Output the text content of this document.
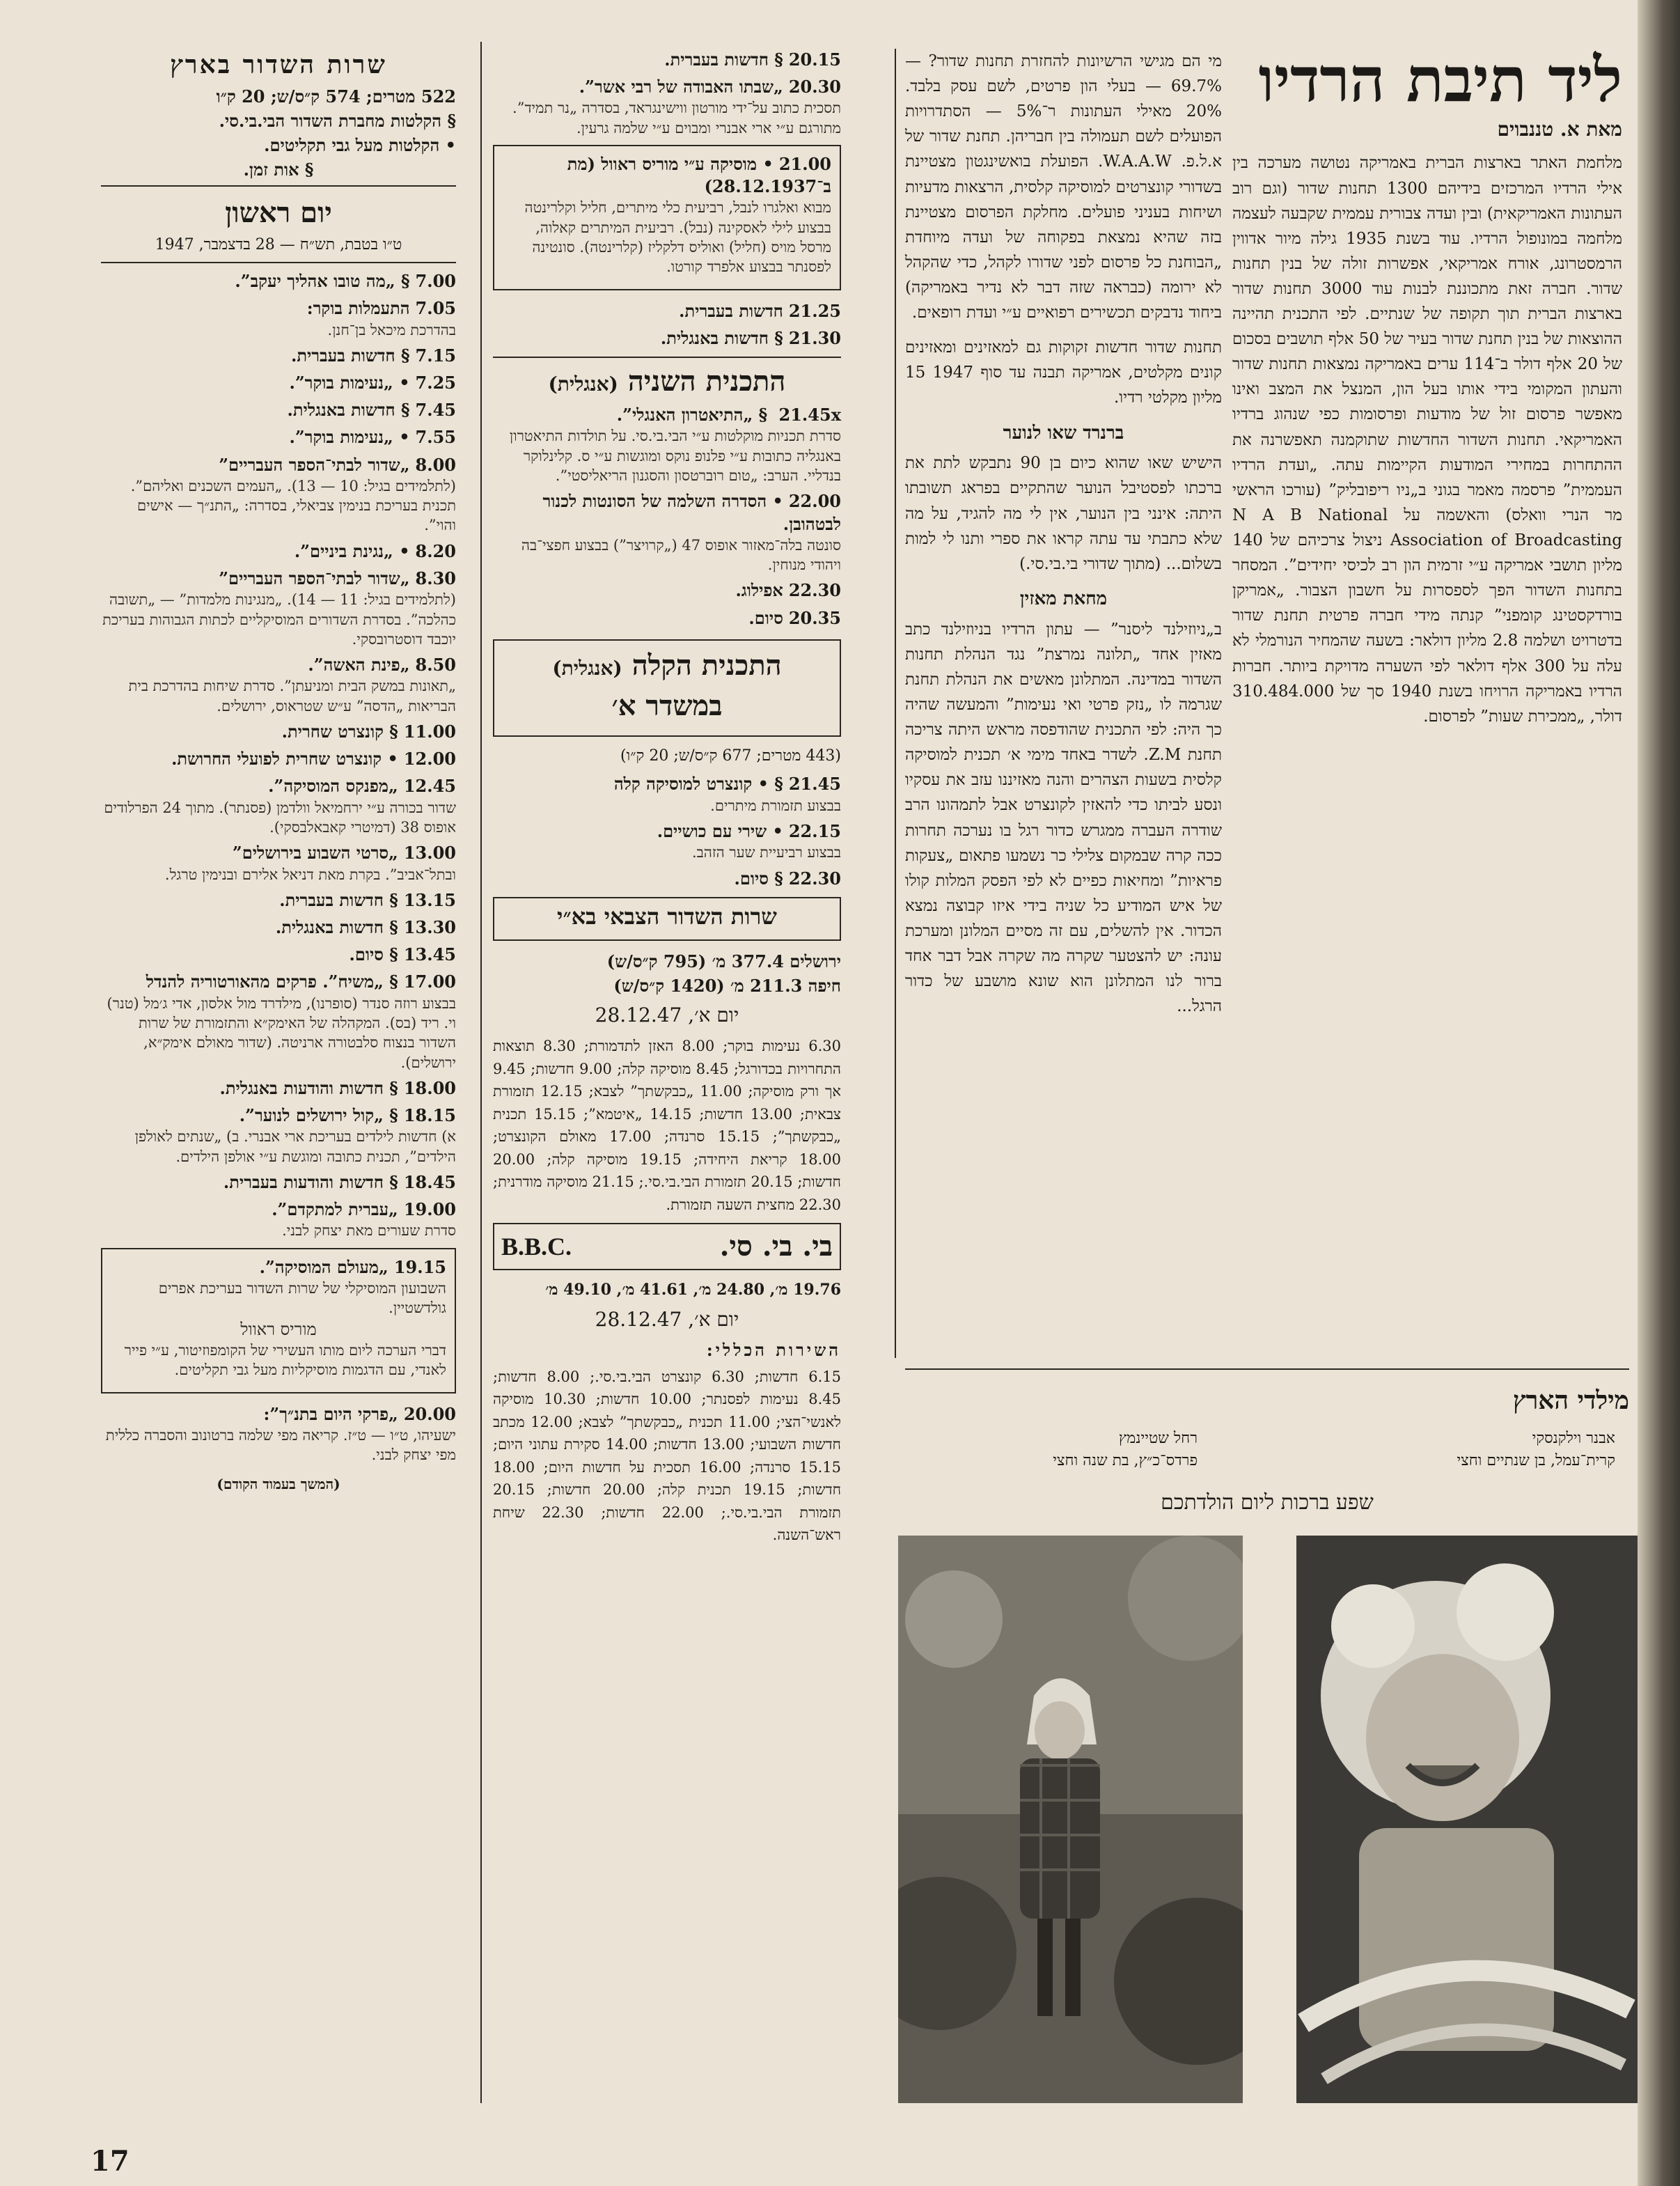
ליד תיבת הרדיו
מאת א. טננבוים

מלחמת האתר בארצות הברית באמריקה נטושה מערכה בין אילי הרדיו המרכזים בידיהם 1300 תחנות שדור (וגם רוב העתונות האמריקאית) ובין ועדה צבורית עממית שקבעה לעצמה מלחמה במונופול הרדיו. עוד בשנת 1935 גילה מיור אדווין הרמסטרונג, אורח אמריקאי, אפשרות זולה של בנין תחנות שדור. חברה זאת מתכוננת לבנות עוד 3000 תחנות שדור בארצות הברית תוך תקופה של שנתיים. לפי התכנית תהיינה ההוצאות של בנין תחנת שדור בעיר של 50 אלף תושבים בסכום של 20 אלף דולר ב־114 ערים באמריקה נמצאות תחנות שדור והעתון המקומי בידי אותו בעל הון, המנצל את המצב ואינו מאפשר פרסום זול של מודעות ופרסומות כפי שנהוג ברדיו האמריקאי. תחנות השדור החדשות שתוקמנה תאפשרנה את ההתחרות במחירי המודעות הקיימות עתה. „ועדת הרדיו העממית” פרסמה מאמר בגוני ב„ניו ריפובליק” (עורכו הראשי מר הנרי וואלס) והאשמה על N A B National Association of Broadcasting ניצול צרכיהם של 140 מליון תושבי אמריקה ע״י זרמית הון רב לכיסי יחידים”. המסחר בתחנות השדור הפך לספסרות על חשבון הצבור. „אמריקן בורדקסטינג קומפני” קנתה מידי חברה פרטית תחנת שדור בדטרויט ושלמה 2.8 מליון דולאר: בשעה שהמחיר הנורמלי לא עלה על 300 אלף דולאר לפי השערה מדויקת ביותר. חברות הרדיו באמריקה הרויחו בשנת 1940 סך של 310.484.000 דולר, „ממכירת שעות” לפרסום.

מי הם מגישי הרשיונות להחזרת תחנות שדור? — 69.7% — בעלי הון פרטים, לשם עסק בלבד. 20% מאילי העתונות ר־5% — הסתדרויות הפועלים לשם תעמולה בין חבריהן. תחנת שדור של א.ל.פ. W.A.A.W. הפועלת בואשינגטון מצטיינת בשדורי קונצרטים למוסיקה קלסית, הרצאות מדעיות ושיחות בעניני פועלים. מחלקת הפרסום מצטיינת בזה שהיא נמצאת בפקוחה של ועדה מיוחדת „הבוחנת כל פרסום לפני שדורו לקהל, כדי שהקהל לא ירומה (כבראה שזה דבר לא נדיר באמריקה) ביחוד נדבקים תכשירים רפואיים ע״י ועדת רופאים.

תחנות שדור חדשות זקוקות גם למאזינים ומאזינים קונים מקלטים, אמריקה תבנה עד סוף 1947 15 מליון מקלטי רדיו.

ברנרד שאו לנוער

הישיש שאו שהוא כיום בן 90 נתבקש לתת את ברכתו לפסטיבל הנוער שהתקיים בפראג תשובתו היתה: אינני בין הנוער, אין לי מה להגיד, על מה שלא כתבתי עד עתה קראו את ספרי ותנו לי למות בשלום... (מתוך שדורי בי.בי.סי.)

מחאת מאזין

ב„ניוזילנד ליסנר” — עתון הרדיו בניוזילנד כתב מאזין אחד „תלונה נמרצת” נגד הנהלת תחנות השדור במדינה. המתלונן מאשים את הנהלת תחנת שגרמה לו „נזק פרטי ואי נעימות” והמעשה שהיה כך היה: לפי התכנית שהודפסה מראש היתה צריכה תחנת Z.M. לשדר באחד מימי א׳ תכנית למוסיקה קלסית בשעות הצהרים והנה מאזיננו עזב את עסקיו ונסע לביתו כדי להאזין לקונצרט אבל לתמהונו הרב שודרה העברה ממגרש כדור רגל בו נערכה תחרות ככה קרה שבמקום צלילי כר נשמעו פתאום „צעקות פראיות” ומחיאות כפיים לא לפי הפסק המלות קולו של איש המודיע כל שניה בידי איזו קבוצה נמצא הכדור. אין להשלים, עם זה מסיים המלונן ומערכת עונה: יש להצטער שקרה מה שקרה אבל דבר אחד ברור לנו המתלונן הוא שונא מושבע של כדור הרגל...

מילדי הארץ
אבנר וילקנסקי
קרית־עמל, בן שנתיים וחצי
רחל שטיינמץ
פרדס־כ״ץ, בת שנה וחצי
שפע ברכות ליום הולדתכם
20.15§ חדשות בעברית.
20.30„שבתו האבודה של רבי אשר”.
תסכית כתוב על־ידי מורטון ווישינגראד, בסדרה „נר תמיד”. מתורגם ע״י ארי אבנרי ומבוים ע״י שלמה גרעין.
21.00• מוסיקה ע״י מוריס ראוול (מת ב־28.12.1937)
מבוא ואלגרו לנבל, רביעית כלי מיתרים, חליל וקלרינטה בבצוע לילי לאסקינה (נבל). רביעית המיתרים קאלוה, מרסל מויס (חליל) ואוליס דלקליז (קלרינטה). סונטינה לפסנתר בבצוע אלפרד קורטו.
21.25חדשות בעברית.
21.30§ חדשות באנגלית.
התכנית השניה (אנגלית)
21.45x § „התיאטרון האנגלי”.
סדרת תכניות מוקלטות ע״י הבי.בי.סי. על תולדות התיאטרון באנגליה כתובות ע״י פלנופ נוקס ומוגשות ע״י ס. קלינלוקר בנדליי. הערב: „טום רוברטסון והסגנון הריאליסטי”.
22.00• הסדרה השלמה של הסונטות לכנור לבטהובן.
סונטה בלה־מאזור אופוס 47 („קרויצר”) בבצוע חפצי־בה ויהודי מנוחין.
22.30אפילוג.
20.35סיום.
התכנית הקלה (אנגלית)
במשדר א׳
(443 מטרים; 677 ק״ס/ש; 20 ק״ו)
21.45§ • קונצרט למוסיקה קלה
בבצוע תזמורת מיתרים.
22.15• שירי עם כושיים.
בבצוע רביעיית שער הזהב.
22.30§ סיום.
שרות השדור הצבאי בא״י
ירושלים 377.4 מ׳ (795 ק״ס/ש)
חיפה 211.3 מ׳ (1420 ק״ס/ש)
יום א׳, 28.12.47
6.30 נעימות בוקר; 8.00 האזן לתדמורת; 8.30 תוצאות התחרויות בכדורגל; 8.45 מוסיקה קלה; 9.00 חדשות; 9.45 אך ורק מוסיקה; 11.00 „כבקשתך” לצבא; 12.15 תזמורת צבאית; 13.00 חדשות; 14.15 „איטמא”; 15.15 תכנית „כבקשתך”; 15.15 סרנדה; 17.00 מאולם הקונצרט; 18.00 קריאת היחידה; 19.15 מוסיקה קלה; 20.00 חדשות; 20.15 תזמורת הבי.בי.סי.; 21.15 מוסיקה מודרנית; 22.30 מחצית השעה תזמורת.
בי. בי. סי.
B.B.C.
19.76 מ׳, 24.80 מ׳, 41.61 מ׳, 49.10 מ׳
יום א׳, 28.12.47
השירות הכללי:
6.15 חדשות; 6.30 קונצרט הבי.בי.סי.; 8.00 חדשות; 8.45 נעימות לפסנתר; 10.00 חדשות; 10.30 מוסיקה לאנשי־הצי; 11.00 תכנית „כבקשתך” לצבא; 12.00 מכתב חדשות השבועי; 13.00 חדשות; 14.00 סקירת עתוני היום; 15.15 סרנדה; 16.00 תסכית על חדשות היום; 18.00 חדשות; 19.15 תכנית קלה; 20.00 חדשות; 20.15 תזמורת הבי.בי.סי.; 22.00 חדשות; 22.30 שיחת ראש־השנה.
שרות השדור בארץ
522 מטרים; 574 ק״ס/ש; 20 ק״ו
§ הקלטות מחברת השדור הבי.בי.סי.
• הקלטות מעל גבי תקליטים.
§ אות זמן.
יום ראשון
ט״ו בטבת, תש״ח — 28 בדצמבר, 1947
7.00§ „מה טובו אהליך יעקב”.
7.05התעמלות בוקר:
בהדרכת מיכאל בן־חנן.
7.15§ חדשות בעברית.
7.25• „נעימות בוקר”.
7.45§ חדשות באנגלית.
7.55• „נעימות בוקר”.
8.00„שדור לבתי־הספר העבריים”
(לתלמידים בגיל: 10 — 13). „העמים השכנים ואליהם”. תכנית בעריכת בנימין צביאלי, בסדרה: „התנ״ך — אישים והוי”.
8.20• „נגינת ביניים”.
8.30„שדור לבתי־הספר העבריים”
(לתלמידים בגיל: 11 — 14). „מנגינות מלמדות” — „תשובה כהלכה”. בסדרת השדורים המוסיקליים לכתות הגבוהות בעריכת יוכבד דוסטרובסקי.
8.50„פינת האשה”.
„תאונות במשק הבית ומניעתן”. סדרת שיחות בהדרכת בית הבריאות „הדסה” ע״ש שטראוס, ירושלים.
11.00§ קונצרט שחרית.
12.00• קונצרט שחרית לפועלי החרושת.
12.45„מפנקס המוסיקה”.
שדור בכורה ע״י ירחמיאל וולדמן (פסנתר). מתוך 24 הפרלודים אופוס 38 (דמיטרי קאבאלבסקי).
13.00„סרטי השבוע בירושלים”
ובתל־אביב”. בקרת מאת דניאל אלירם ובנימין טרגל.
13.15§ חדשות בעברית.
13.30§ חדשות באנגלית.
13.45§ סיום.
17.00§ „משיח”. פרקים מהאורטוריה להנדל
בבצוע רוזה סנדר (סופרנו), מילדרד מול אלסון, אדי ג׳מל (טנר) וי. ריד (בס). המקהלה של האימק״א והתזמורת של שרות השדור בנצוח סלבטורה ארניטה. (שדור מאולם אימק״א, ירושלים).
18.00§ חדשות והודעות באנגלית.
18.15§ „קול ירושלים לנוער”.
א) חדשות לילדים בעריכת ארי אבנרי. ב) „שנתים לאולפן הילדים”, תכנית כתובה ומוגשת ע״י אולפן הילדים.
18.45§ חדשות והודעות בעברית.
19.00„עברית למתקדם”.
סדרת שעורים מאת יצחק לבני.
19.15„מעולם המוסיקה”.
השבועון המוסיקלי של שרות השדור בעריכת אפרים גולדשטיין.
מוריס ראוול
דברי הערכה ליום מותו העשירי של הקומפוזיטור, ע״י פייר לאנדי, עם הדגמות מוסיקליות מעל גבי תקליטים.
20.00„פרקי היום בתנ״ך”:
ישעיהו, ט״ו — ט״ז. קריאה מפי שלמה ברטונוב והסברה כללית מפי יצחק לבני.
(המשך בעמוד הקודם)
17
